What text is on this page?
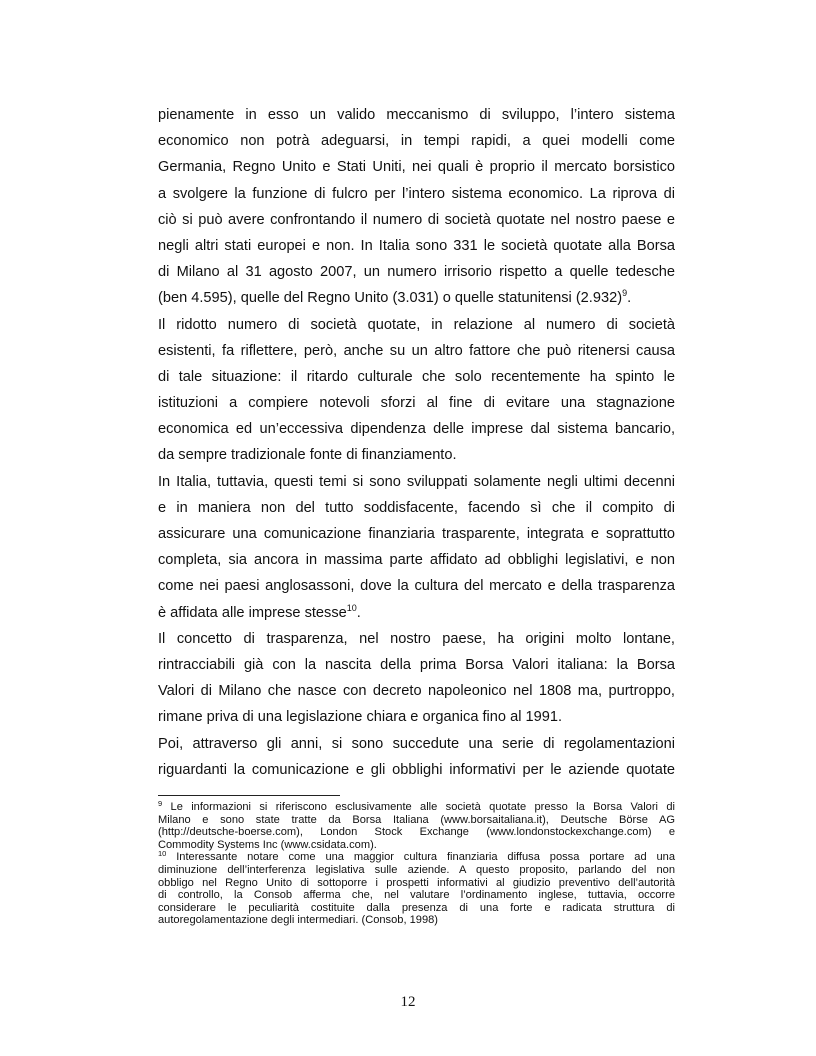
pienamente in esso un valido meccanismo di sviluppo, l’intero sistema
economico non potrà adeguarsi, in tempi rapidi, a quei modelli come
Germania, Regno Unito e Stati Uniti, nei quali è proprio il mercato borsistico
a svolgere la funzione di fulcro per l’intero sistema economico. La riprova di
ciò si può avere confrontando il numero di società quotate nel nostro paese e
negli altri stati europei e non. In Italia sono 331 le società quotate alla Borsa
di Milano al 31 agosto 2007, un numero irrisorio rispetto a quelle tedesche
(ben 4.595), quelle del Regno Unito (3.031) o quelle statunitensi $(2.932)^9$.
Il ridotto numero di società quotate, in relazione al numero di società
esistenti, fa riflettere, però, anche su un altro fattore che può ritenersi causa
di tale situazione: il ritardo culturale che solo recentemente ha spinto le
istituzioni a compiere notevoli sforzi al fine di evitare una stagnazione
economica ed un’eccessiva dipendenza delle imprese dal sistema bancario,
da sempre tradizionale fonte di finanziamento.
In Italia, tuttavia, questi temi si sono sviluppati solamente negli ultimi decenni
e in maniera non del tutto soddisfacente, facendo sì che il compito di
assicurare una comunicazione finanziaria trasparente, integrata e soprattutto
completa, sia ancora in massima parte affidato ad obblighi legislativi, e non
come nei paesi anglosassoni, dove la cultura del mercato e della trasparenza
è affidata alle imprese stesse$^{10}$.
Il concetto di trasparenza, nel nostro paese, ha origini molto lontane,
rintracciabili già con la nascita della prima Borsa Valori italiana: la Borsa
Valori di Milano che nasce con decreto napoleonico nel 1808 ma, purtroppo,
rimane priva di una legislazione chiara e organica fino al 1991.
Poi, attraverso gli anni, si sono succedute una serie di regolamentazioni
riguardanti la comunicazione e gli obblighi informativi per le aziende quotate
$^9$ Le informazioni si riferiscono esclusivamente alle società quotate presso la Borsa Valori di
Milano e sono state tratte da Borsa Italiana (www.borsaitaliana.it), Deutsche Börse AG
(http://deutsche-boerse.com), London Stock Exchange (www.londonstockexchange.com) e
Commodity Systems Inc (www.csidata.com).
$^{10}$ Interessante notare come una maggior cultura finanziaria diffusa possa portare ad una
diminuzione dell’interferenza legislativa sulle aziende. A questo proposito, parlando del non
obbligo nel Regno Unito di sottoporre i prospetti informativi al giudizio preventivo dell’autorità
di controllo, la Consob afferma che, nel valutare l’ordinamento inglese, tuttavia, occorre
considerare le peculiarità costituite dalla presenza di una forte e radicata struttura di
autoregolamentazione degli intermediari. (Consob, 1998)
12
